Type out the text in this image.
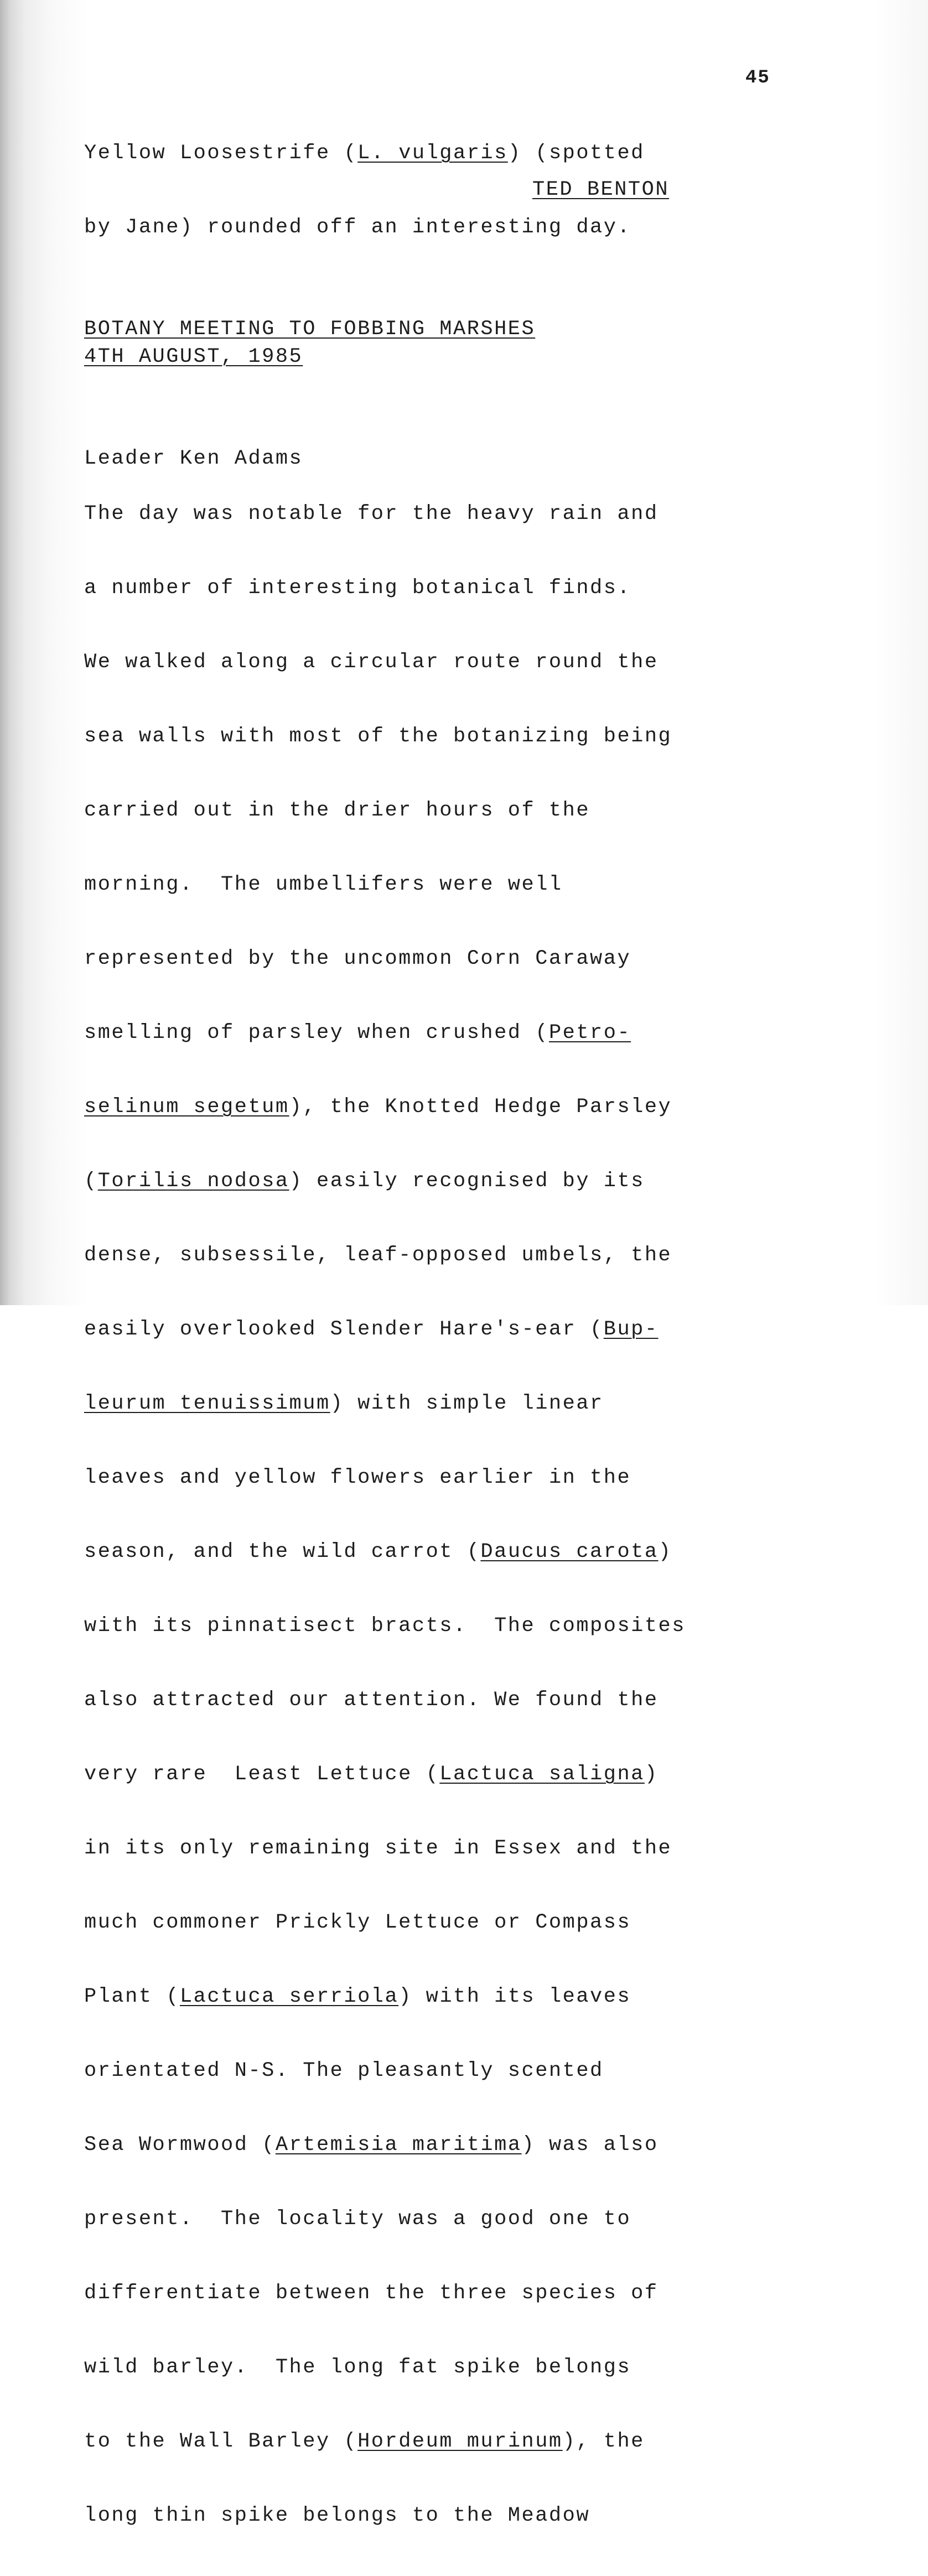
45

Yellow Loosestrife (L. vulgaris) (spotted

by Jane) rounded off an interesting day.

TED BENTON
BOTANY MEETING TO FOBBING MARSHES
4TH AUGUST, 1985

Leader Ken Adams

The day was notable for the heavy rain and

a number of interesting botanical finds.

We walked along a circular route round the

sea walls with most of the botanizing being

carried out in the drier hours of the

morning.  The umbellifers were well

represented by the uncommon Corn Caraway

smelling of parsley when crushed (Petro-

selinum segetum), the Knotted Hedge Parsley

(Torilis nodosa) easily recognised by its

dense, subsessile, leaf-opposed umbels, the

easily overlooked Slender Hare's-ear (Bup-

leurum tenuissimum) with simple linear

leaves and yellow flowers earlier in the

season, and the wild carrot (Daucus carota)

with its pinnatisect bracts.  The composites

also attracted our attention. We found the

very rare  Least Lettuce (Lactuca saligna)

in its only remaining site in Essex and the

much commoner Prickly Lettuce or Compass

Plant (Lactuca serriola) with its leaves

orientated N-S. The pleasantly scented

Sea Wormwood (Artemisia maritima) was also

present.  The locality was a good one to

differentiate between the three species of

wild barley.  The long fat spike belongs

to the Wall Barley (Hordeum murinum), the

long thin spike belongs to the Meadow
